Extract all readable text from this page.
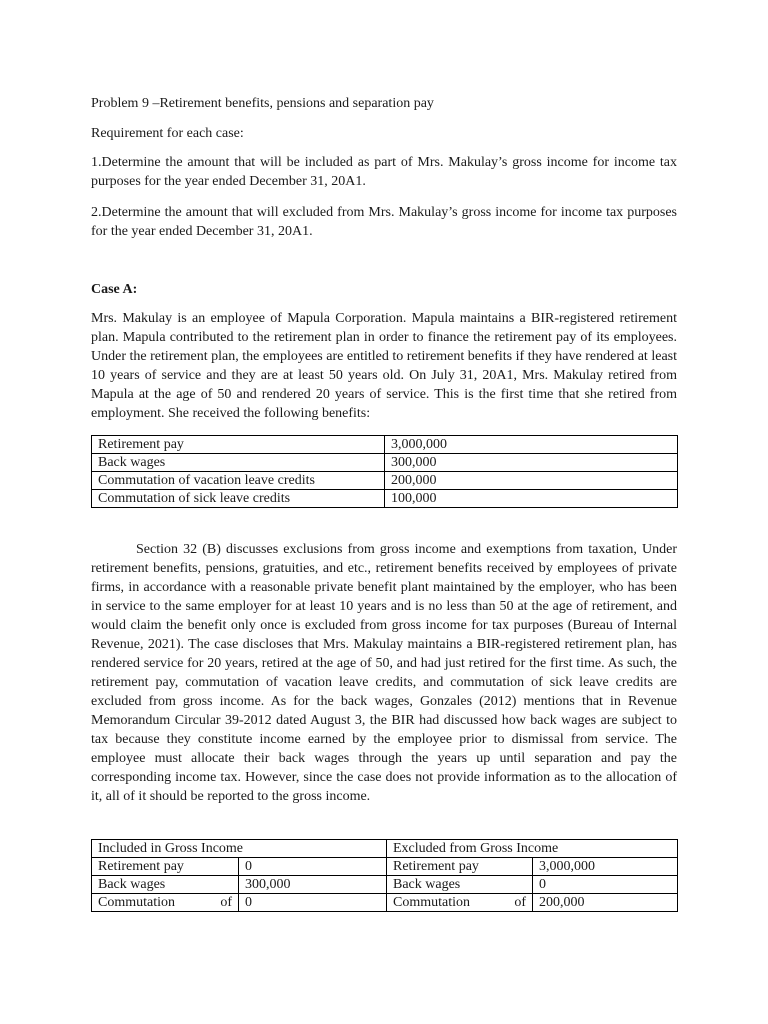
Problem 9 –Retirement benefits, pensions and separation pay

Requirement for each case:

1.Determine the amount that will be included as part of Mrs. Makulay’s gross income for income tax purposes for the year ended December 31, 20A1.

2.Determine the amount that will excluded from Mrs. Makulay’s gross income for income tax purposes for the year ended December 31, 20A1.

Case A:

Mrs. Makulay is an employee of Mapula Corporation. Mapula maintains a BIR-registered retirement plan. Mapula contributed to the retirement plan in order to finance the retirement pay of its employees. Under the retirement plan, the employees are entitled to retirement benefits if they have rendered at least 10 years of service and they are at least 50 years old. On July 31, 20A1, Mrs. Makulay retired from Mapula at the age of 50 and rendered 20 years of service. This is the first time that she retired from employment. She received the following benefits:

Retirement pay	3,000,000
Back wages	300,000
Commutation of vacation leave credits	200,000
Commutation of sick leave credits	100,000

Section 32 (B) discusses exclusions from gross income and exemptions from taxation, Under retirement benefits, pensions, gratuities, and etc., retirement benefits received by employees of private firms, in accordance with a reasonable private benefit plant maintained by the employer, who has been in service to the same employer for at least 10 years and is no less than 50 at the age of retirement, and would claim the benefit only once is excluded from gross income for tax purposes (Bureau of Internal Revenue, 2021). The case discloses that Mrs. Makulay maintains a BIR-registered retirement plan, has rendered service for 20 years, retired at the age of 50, and had just retired for the first time. As such, the retirement pay, commutation of vacation leave credits, and commutation of sick leave credits are excluded from gross income. As for the back wages, Gonzales (2012) mentions that in Revenue Memorandum Circular 39-2012 dated August 3, the BIR had discussed how back wages are subject to tax because they constitute income earned by the employee prior to dismissal from service. The employee must allocate their back wages through the years up until separation and pay the corresponding income tax. However, since the case does not provide information as to the allocation of it, all of it should be reported to the gross income.

Included in Gross Income		Excluded from Gross Income	
Retirement pay	0	Retirement pay	3,000,000
Back wages	300,000	Back wages	0

Commutation of	0	Commutation of	200,000
